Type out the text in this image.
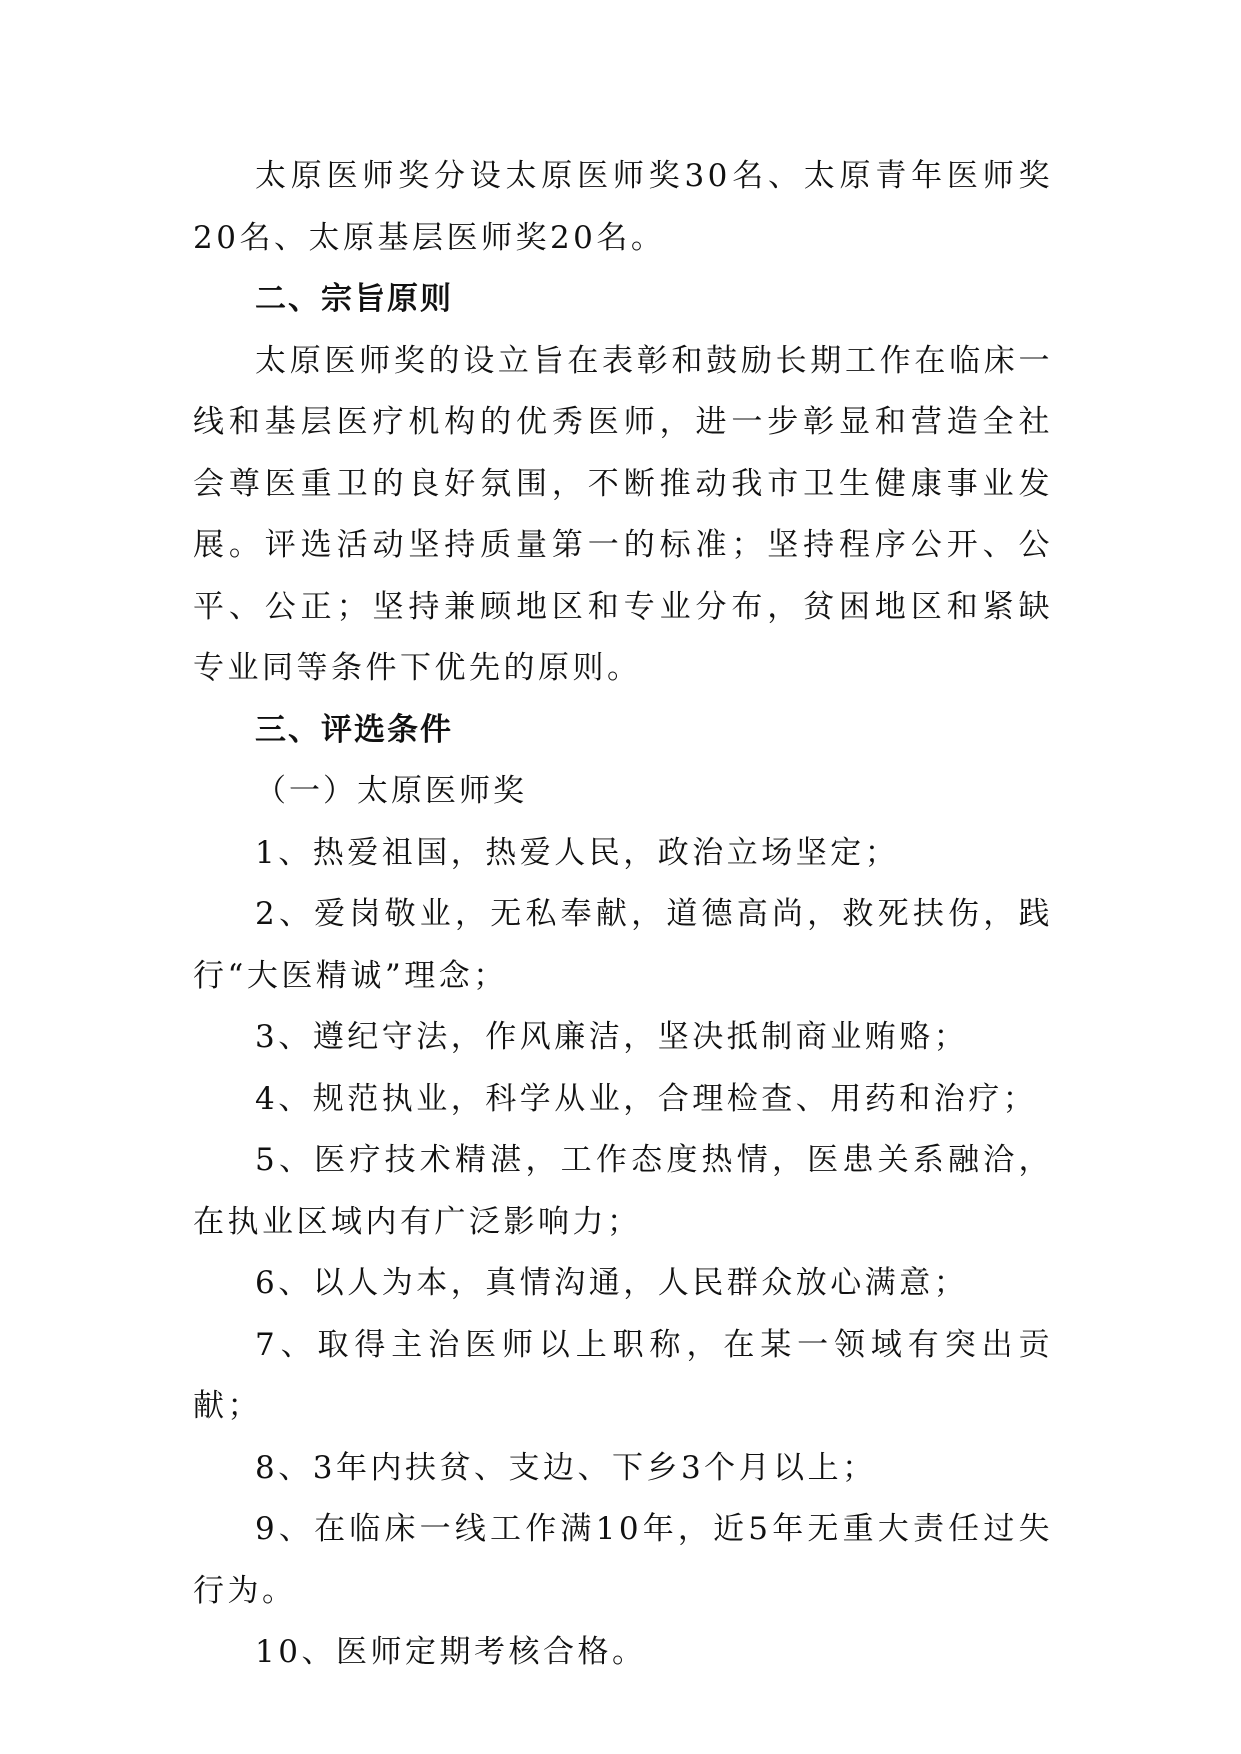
太原医师奖分设太原医师奖30名、太原青年医师奖20名、太原基层医师奖20名。

二、宗旨原则

太原医师奖的设立旨在表彰和鼓励长期工作在临床一线和基层医疗机构的优秀医师，进一步彰显和营造全社会尊医重卫的良好氛围，不断推动我市卫生健康事业发展。评选活动坚持质量第一的标准；坚持程序公开、公平、公正；坚持兼顾地区和专业分布，贫困地区和紧缺专业同等条件下优先的原则。

三、评选条件

（一）太原医师奖

1、热爱祖国，热爱人民，政治立场坚定；

2、爱岗敬业，无私奉献，道德高尚，救死扶伤，践行“大医精诚”理念；

3、遵纪守法，作风廉洁，坚决抵制商业贿赂；

4、规范执业，科学从业，合理检查、用药和治疗；

5、医疗技术精湛，工作态度热情，医患关系融洽，在执业区域内有广泛影响力；

6、以人为本，真情沟通，人民群众放心满意；

7、取得主治医师以上职称，在某一领域有突出贡献；

8、3年内扶贫、支边、下乡3个月以上；

9、在临床一线工作满10年，近5年无重大责任过失行为。

10、医师定期考核合格。
